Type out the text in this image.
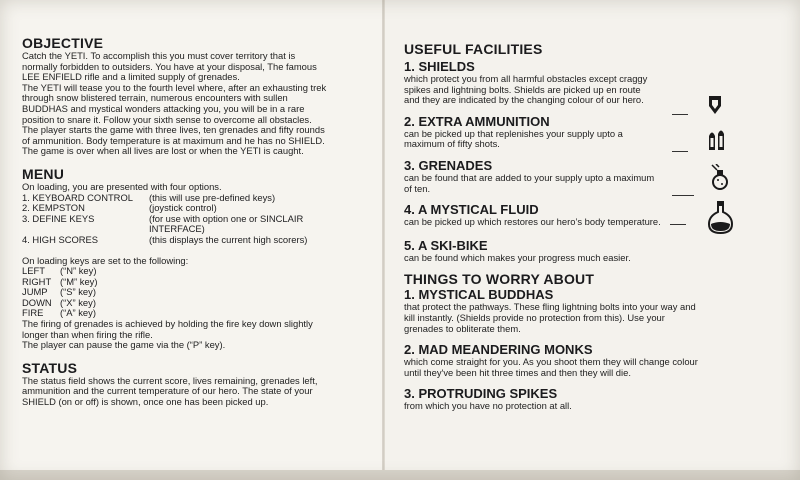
OBJECTIVE

Catch the YETI. To accomplish this you must cover territory that is

normally forbidden to outsiders. You have at your disposal, The famous

LEE ENFIELD rifle and a limited supply of grenades.

The YETI will tease you to the fourth level where, after an exhausting trek

through snow blistered terrain, numerous encounters with sullen

BUDDHAS and mystical wonders attacking you, you will be in a rare

position to snare it. Follow your sixth sense to overcome all obstacles.

The player starts the game with three lives, ten grenades and fifty rounds

of ammunition. Body temperature is at maximum and he has no SHIELD.

The game is over when all lives are lost or when the YETI is caught.

MENU

On loading, you are presented with four options.

1. KEYBOARD CONTROL	(this will use pre-defined keys)
2. KEMPSTON	(joystick control)
3. DEFINE KEYS	(for use with option one or SINCLAIR
INTERFACE)
4. HIGH SCORES	(this displays the current high scorers)

On loading keys are set to the following:

LEFT	(“N” key)
RIGHT (“M” key)
JUMP	(“S” key)
DOWN (“X” key)
FIRE	(“A” key)

The firing of grenades is achieved by holding the fire key down slightly

longer than when firing the rifle.

The player can pause the game via the (“P” key).

STATUS

The status field shows the current score, lives remaining, grenades left,

ammunition and the current temperature of our hero. The state of your

SHIELD (on or off) is shown, once one has been picked up.

USEFUL FACILITIES
1. SHIELDS

which protect you from all harmful obstacles except craggy

spikes and lightning bolts. Shields are picked up en route

and they are indicated by the changing colour of our hero.

2. EXTRA AMMUNITION

can be picked up that replenishes your supply upto a

maximum of fifty shots.

3. GRENADES

can be found that are added to your supply upto a maximum

of ten.

4. A MYSTICAL FLUID

can be picked up which restores our hero’s body temperature.

5. A SKI-BIKE

can be found which makes your progress much easier.

THINGS TO WORRY ABOUT
1. MYSTICAL BUDDHAS

that protect the pathways. These fling lightning bolts into your way and

kill instantly. (Shields provide no protection from this). Use your

grenades to obliterate them.

2. MAD MEANDERING MONKS

which come straight for you. As you shoot them they will change colour

until they've been hit three times and then they will die.

3. PROTRUDING SPIKES

from which you have no protection at all.
